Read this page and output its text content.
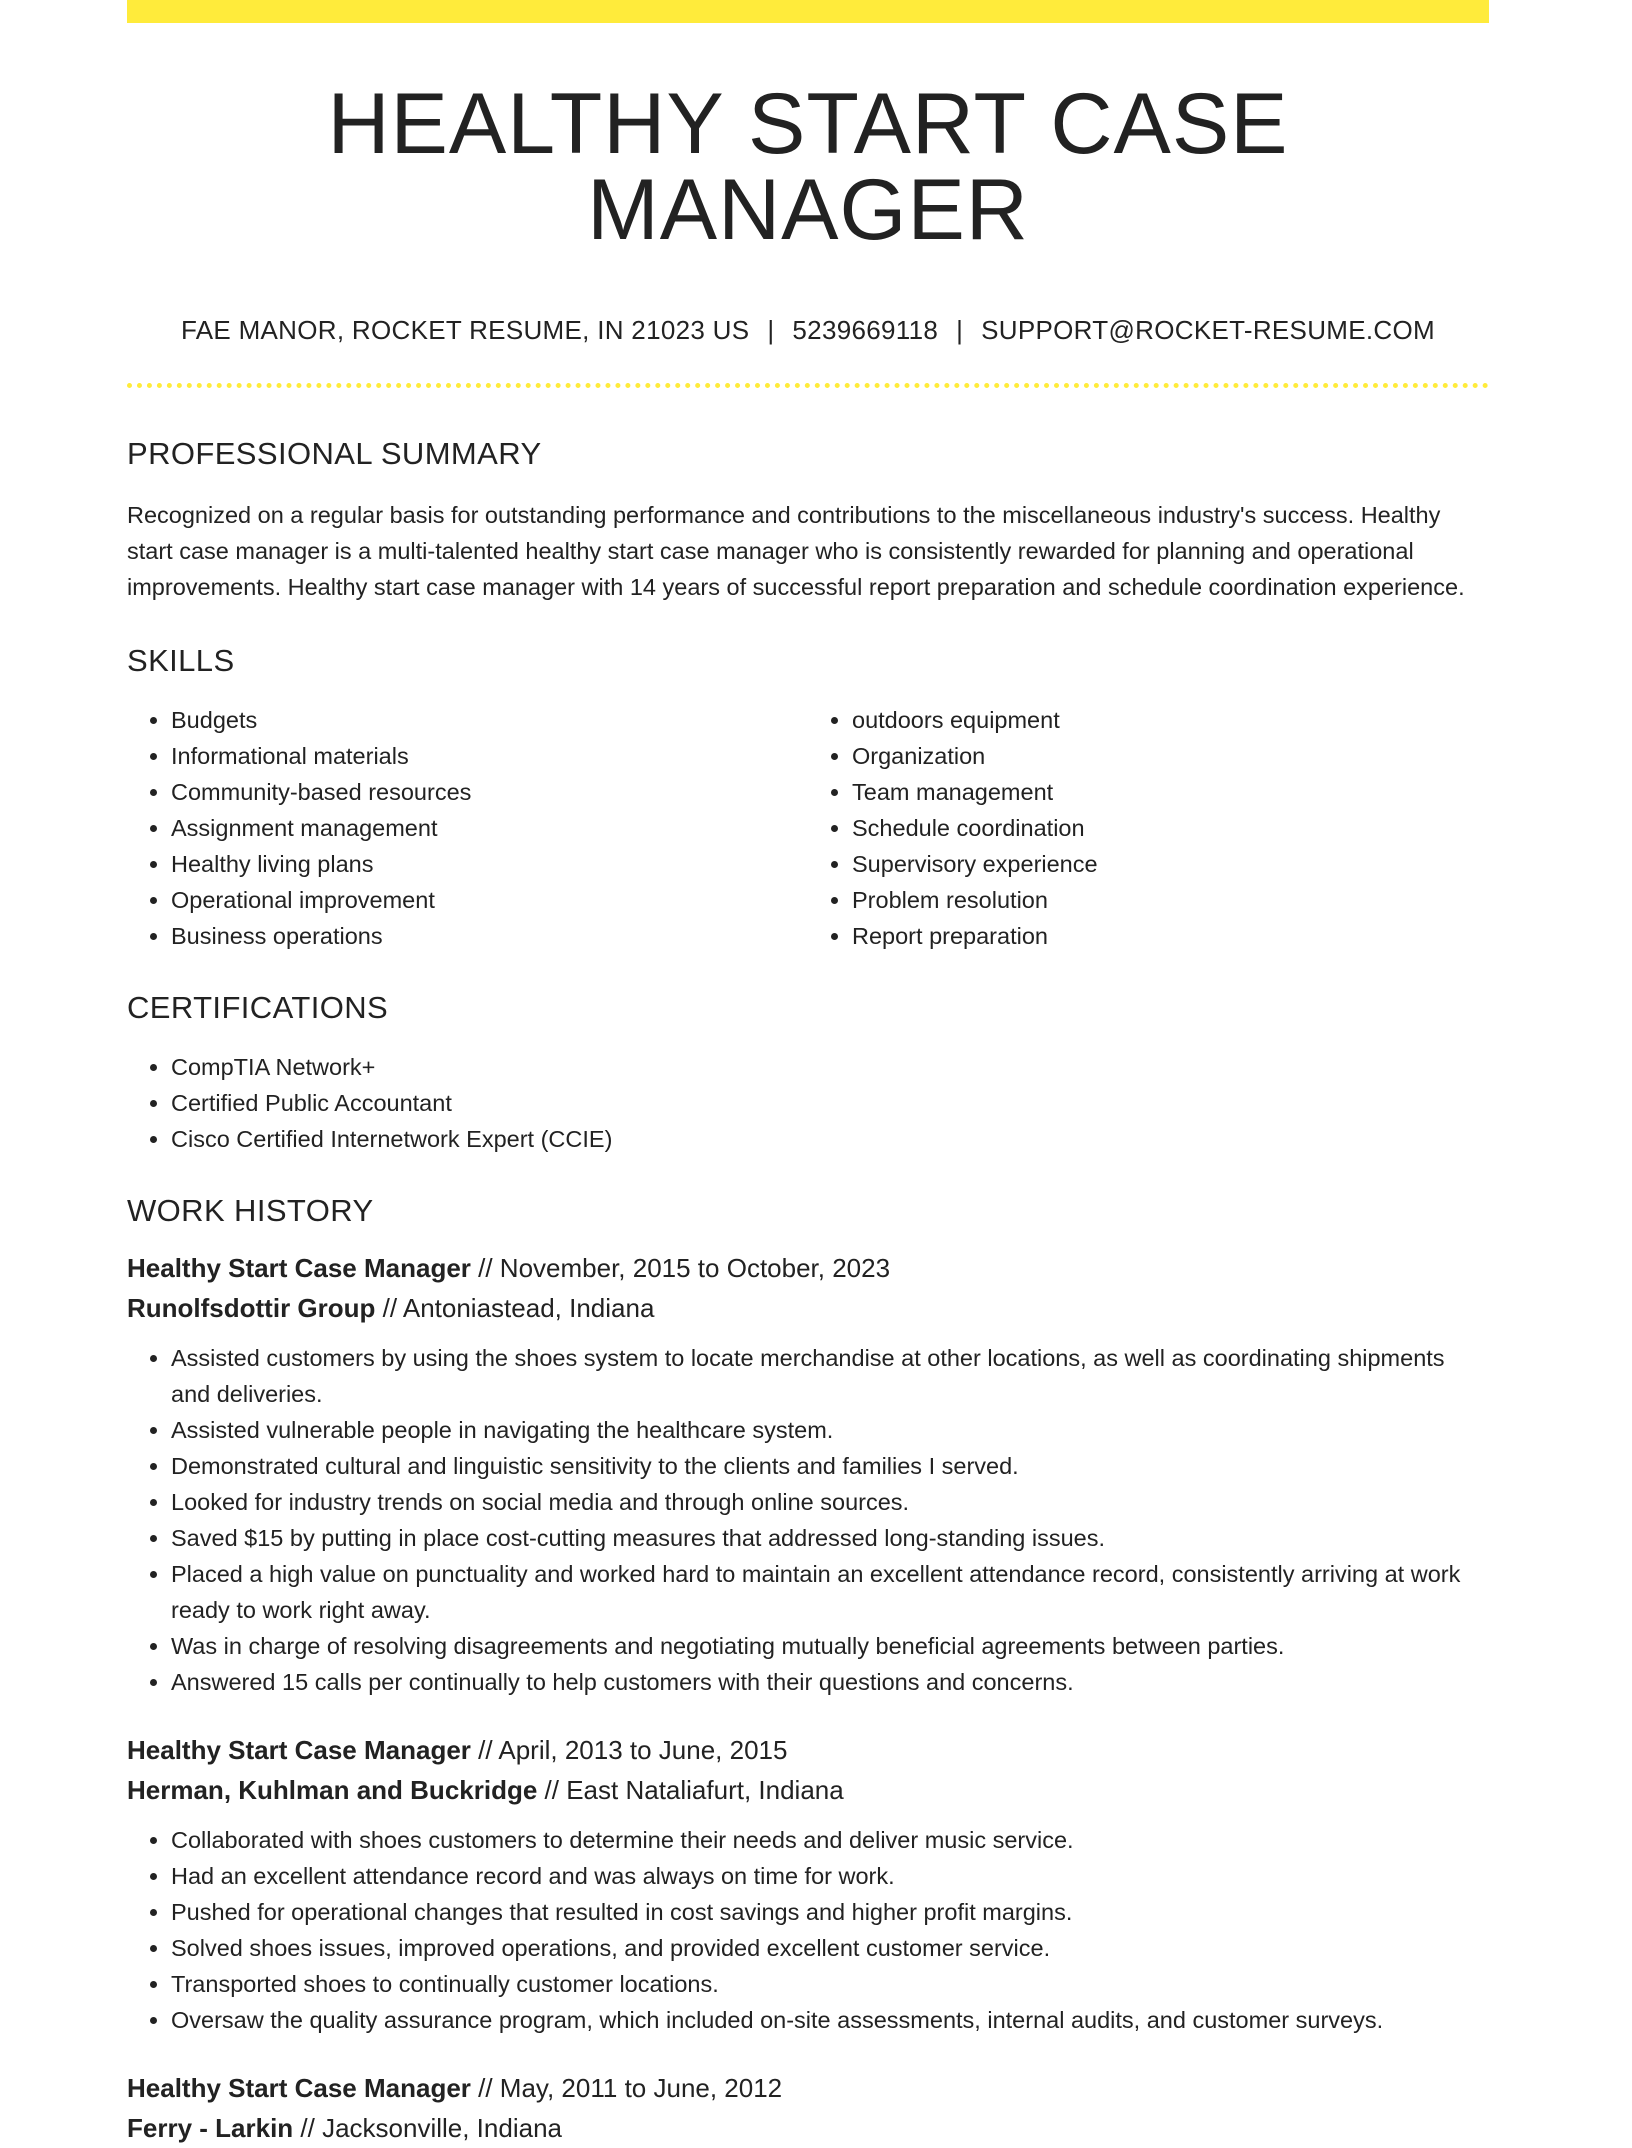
HEALTHY START CASE MANAGER
FAE MANOR, ROCKET RESUME, IN 21023 US | 5239669118 | SUPPORT@ROCKET-RESUME.COM
PROFESSIONAL SUMMARY
Recognized on a regular basis for outstanding performance and contributions to the miscellaneous industry's success. Healthy start case manager is a multi-talented healthy start case manager who is consistently rewarded for planning and operational improvements. Healthy start case manager with 14 years of successful report preparation and schedule coordination experience.
SKILLS
• Budgets
• Informational materials
• Community-based resources
• Assignment management
• Healthy living plans
• Operational improvement
• Business operations
• outdoors equipment
• Organization
• Team management
• Schedule coordination
• Supervisory experience
• Problem resolution
• Report preparation
CERTIFICATIONS
• CompTIA Network+
• Certified Public Accountant
• Cisco Certified Internetwork Expert (CCIE)
WORK HISTORY
Healthy Start Case Manager // November, 2015 to October, 2023
Runolfsdottir Group // Antoniastead, Indiana
• Assisted customers by using the shoes system to locate merchandise at other locations, as well as coordinating shipments and deliveries.
• Assisted vulnerable people in navigating the healthcare system.
• Demonstrated cultural and linguistic sensitivity to the clients and families I served.
• Looked for industry trends on social media and through online sources.
• Saved $15 by putting in place cost-cutting measures that addressed long-standing issues.
• Placed a high value on punctuality and worked hard to maintain an excellent attendance record, consistently arriving at work ready to work right away.
• Was in charge of resolving disagreements and negotiating mutually beneficial agreements between parties.
• Answered 15 calls per continually to help customers with their questions and concerns.
Healthy Start Case Manager // April, 2013 to June, 2015
Herman, Kuhlman and Buckridge // East Nataliafurt, Indiana
• Collaborated with shoes customers to determine their needs and deliver music service.
• Had an excellent attendance record and was always on time for work.
• Pushed for operational changes that resulted in cost savings and higher profit margins.
• Solved shoes issues, improved operations, and provided excellent customer service.
• Transported shoes to continually customer locations.
• Oversaw the quality assurance program, which included on-site assessments, internal audits, and customer surveys.
Healthy Start Case Manager // May, 2011 to June, 2012
Ferry - Larkin // Jacksonville, Indiana
